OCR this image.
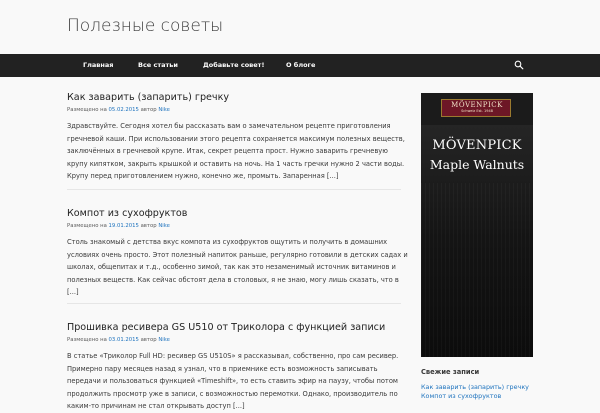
Полезные советы
Главная	Все статьи	Добавьте совет!	О блоге
Как заварить (запарить) гречку
Размещено на 05.02.2015 автор Nike
Здравствуйте. Сегодня хотел бы рассказать вам о замечательном рецепте приготовления
гречневой каши. При использовании этого рецепта сохраняется максимум полезных веществ,
заключённых в гречневой крупе. Итак, секрет рецепта прост. Нужно заварить гречневую
крупу кипятком, закрыть крышкой и оставить на ночь. На 1 часть гречки нужно 2 части воды.
Крупу перед приготовлением нужно, конечно же, промыть. Запаренная [...]
Компот из сухофруктов
Размещено на 19.01.2015 автор Nike
Столь знакомый с детства вкус компота из сухофруктов ощутить и получить в домашних
условиях очень просто. Этот полезный напиток раньше, регулярно готовили в детских садах и
школах, общепитах и т.д., особенно зимой, так как это незаменимый источник витаминов и
полезных веществ. Как сейчас обстоят дела в столовых, я не знаю, могу лишь сказать, что в
[...]
Прошивка ресивера GS U510 от Триколора с функцией записи
Размещено на 03.01.2015 автор Nike
В статье «Триколор Full HD: ресивер GS U510S» я рассказывал, собственно, про сам ресивер.
Примерно пару месяцев назад я узнал, что в приемнике есть возможность записывать
передачи и пользоваться функцией «Timeshift», то есть ставить эфир на паузу, чтобы потом
продолжить просмотр уже в записи, с возможностью перемотки. Однако, производитель по
каким-то причинам не стал открывать доступ [...]
MÖVENPICK
Schweiz Est. 1948
MÖVENPICK
Maple Walnuts
Свежие записи
Как заварить (запарить) гречку
Компот из сухофруктов
